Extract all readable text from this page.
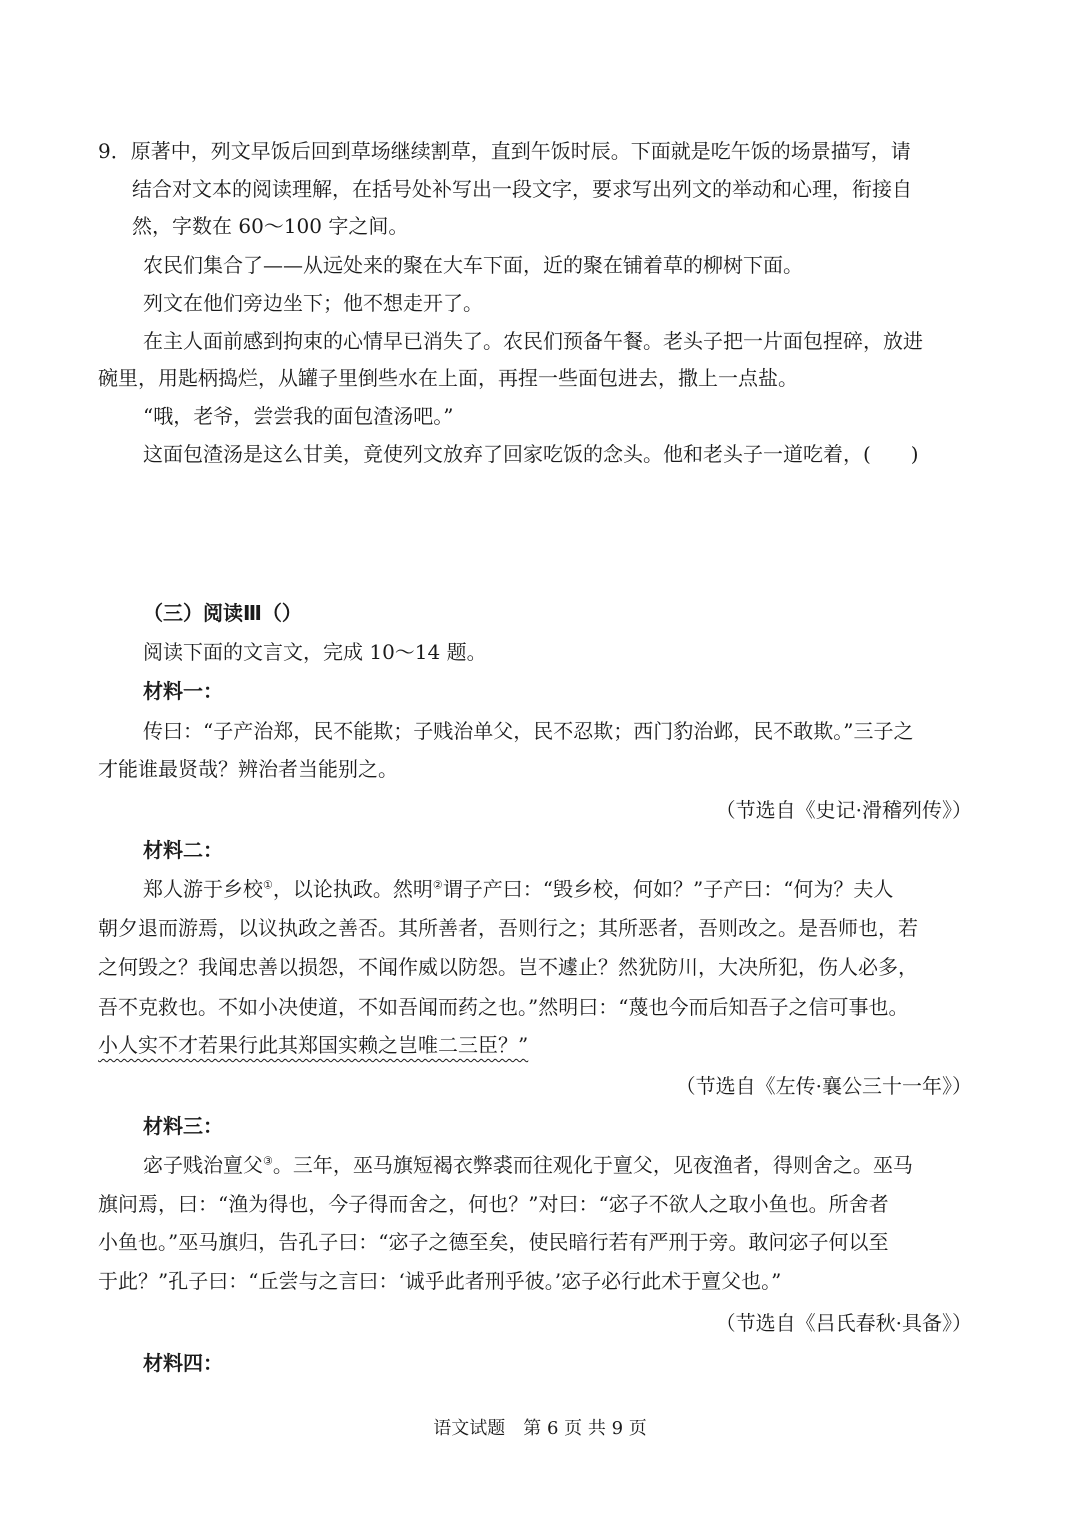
9．原著中，列文早饭后回到草场继续割草，直到午饭时辰。下面就是吃午饭的场景描写，请
结合对文本的阅读理解，在括号处补写出一段文字，要求写出列文的举动和心理，衔接自
然，字数在 60～100 字之间。
农民们集合了——从远处来的聚在大车下面，近的聚在铺着草的柳树下面。
列文在他们旁边坐下；他不想走开了。
在主人面前感到拘束的心情早已消失了。农民们预备午餐。老头子把一片面包捏碎，放进
碗里，用匙柄捣烂，从罐子里倒些水在上面，再捏一些面包进去，撒上一点盐。
“哦，老爷，尝尝我的面包渣汤吧。”
这面包渣汤是这么甘美，竟使列文放弃了回家吃饭的念头。他和老头子一道吃着，(　　)
（三）阅读Ⅲ（）
阅读下面的文言文，完成 10～14 题。
材料一：
传曰：“子产治郑，民不能欺；子贱治单父，民不忍欺；西门豹治邺，民不敢欺。”三子之
才能谁最贤哉？辨治者当能别之。
（节选自《史记·滑稽列传》）
材料二：
郑人游于乡校①，以论执政。然明②谓子产曰：“毁乡校，何如？”子产曰：“何为？夫人
朝夕退而游焉，以议执政之善否。其所善者，吾则行之；其所恶者，吾则改之。是吾师也，若
之何毁之？我闻忠善以损怨，不闻作威以防怨。岂不遽止？然犹防川，大决所犯，伤人必多，
吾不克救也。不如小决使道，不如吾闻而药之也。”然明曰：“蔑也今而后知吾子之信可事也。
小人实不才若果行此其郑国实赖之岂唯二三臣？”
（节选自《左传·襄公三十一年》）
材料三：
宓子贱治亶父③。三年，巫马旗短褐衣弊裘而往观化于亶父，见夜渔者，得则舍之。巫马
旗问焉，曰：“渔为得也，今子得而舍之，何也？”对曰：“宓子不欲人之取小鱼也。所舍者
小鱼也。”巫马旗归，告孔子曰：“宓子之德至矣，使民暗行若有严刑于旁。敢问宓子何以至
于此？”孔子曰：“丘尝与之言曰：‘诚乎此者刑乎彼。’宓子必行此术于亶父也。”
（节选自《吕氏春秋·具备》）
材料四：
语文试题　第 6 页 共 9 页
